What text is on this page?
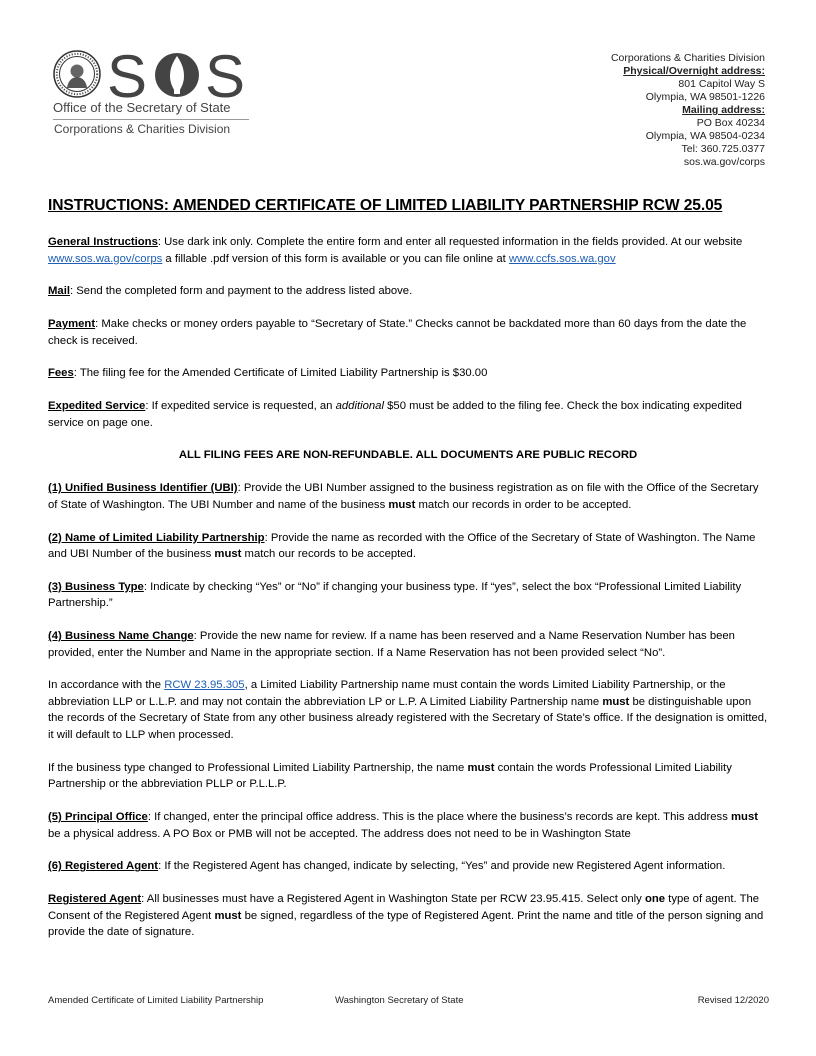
S S
Office of the Secretary of State
Corporations & Charities Division
Corporations & Charities Division
Physical/Overnight address:
801 Capitol Way S
Olympia, WA 98501-1226
Mailing address:
PO Box 40234
Olympia, WA 98504-0234
Tel: 360.725.0377
sos.wa.gov/corps
INSTRUCTIONS: AMENDED CERTIFICATE OF LIMITED LIABILITY PARTNERSHIP RCW 25.05

General Instructions: Use dark ink only. Complete the entire form and enter all requested information in the fields provided. At our website www.sos.wa.gov/corps a fillable .pdf version of this form is available or you can file online at www.ccfs.sos.wa.gov

Mail: Send the completed form and payment to the address listed above.

Payment: Make checks or money orders payable to “Secretary of State.” Checks cannot be backdated more than 60 days from the date the check is received.

Fees: The filing fee for the Amended Certificate of Limited Liability Partnership is $30.00

Expedited Service: If expedited service is requested, an additional $50 must be added to the filing fee. Check the box indicating expedited service on page one.

ALL FILING FEES ARE NON-REFUNDABLE. ALL DOCUMENTS ARE PUBLIC RECORD

(1) Unified Business Identifier (UBI): Provide the UBI Number assigned to the business registration as on file with the Office of the Secretary of State of Washington. The UBI Number and name of the business must match our records in order to be accepted.

(2) Name of Limited Liability Partnership: Provide the name as recorded with the Office of the Secretary of State of Washington. The Name and UBI Number of the business must match our records to be accepted.

(3) Business Type: Indicate by checking “Yes” or “No” if changing your business type. If “yes”, select the box “Professional Limited Liability Partnership.”

(4) Business Name Change: Provide the new name for review. If a name has been reserved and a Name Reservation Number has been provided, enter the Number and Name in the appropriate section. If a Name Reservation has not been provided select “No”.

In accordance with the RCW 23.95.305, a Limited Liability Partnership name must contain the words Limited Liability Partnership, or the abbreviation LLP or L.L.P. and may not contain the abbreviation LP or L.P. A Limited Liability Partnership name must be distinguishable upon the records of the Secretary of State from any other business already registered with the Secretary of State’s office. If the designation is omitted, it will default to LLP when processed.

If the business type changed to Professional Limited Liability Partnership, the name must contain the words Professional Limited Liability Partnership or the abbreviation PLLP or P.L.L.P.

(5) Principal Office: If changed, enter the principal office address. This is the place where the business’s records are kept. This address must be a physical address. A PO Box or PMB will not be accepted. The address does not need to be in Washington State

(6) Registered Agent: If the Registered Agent has changed, indicate by selecting, “Yes” and provide new Registered Agent information.

Registered Agent: All businesses must have a Registered Agent in Washington State per RCW 23.95.415. Select only one type of agent. The Consent of the Registered Agent must be signed, regardless of the type of Registered Agent. Print the name and title of the person signing and provide the date of signature.

Amended Certificate of Limited Liability Partnership	Washington Secretary of State	Revised 12/2020
